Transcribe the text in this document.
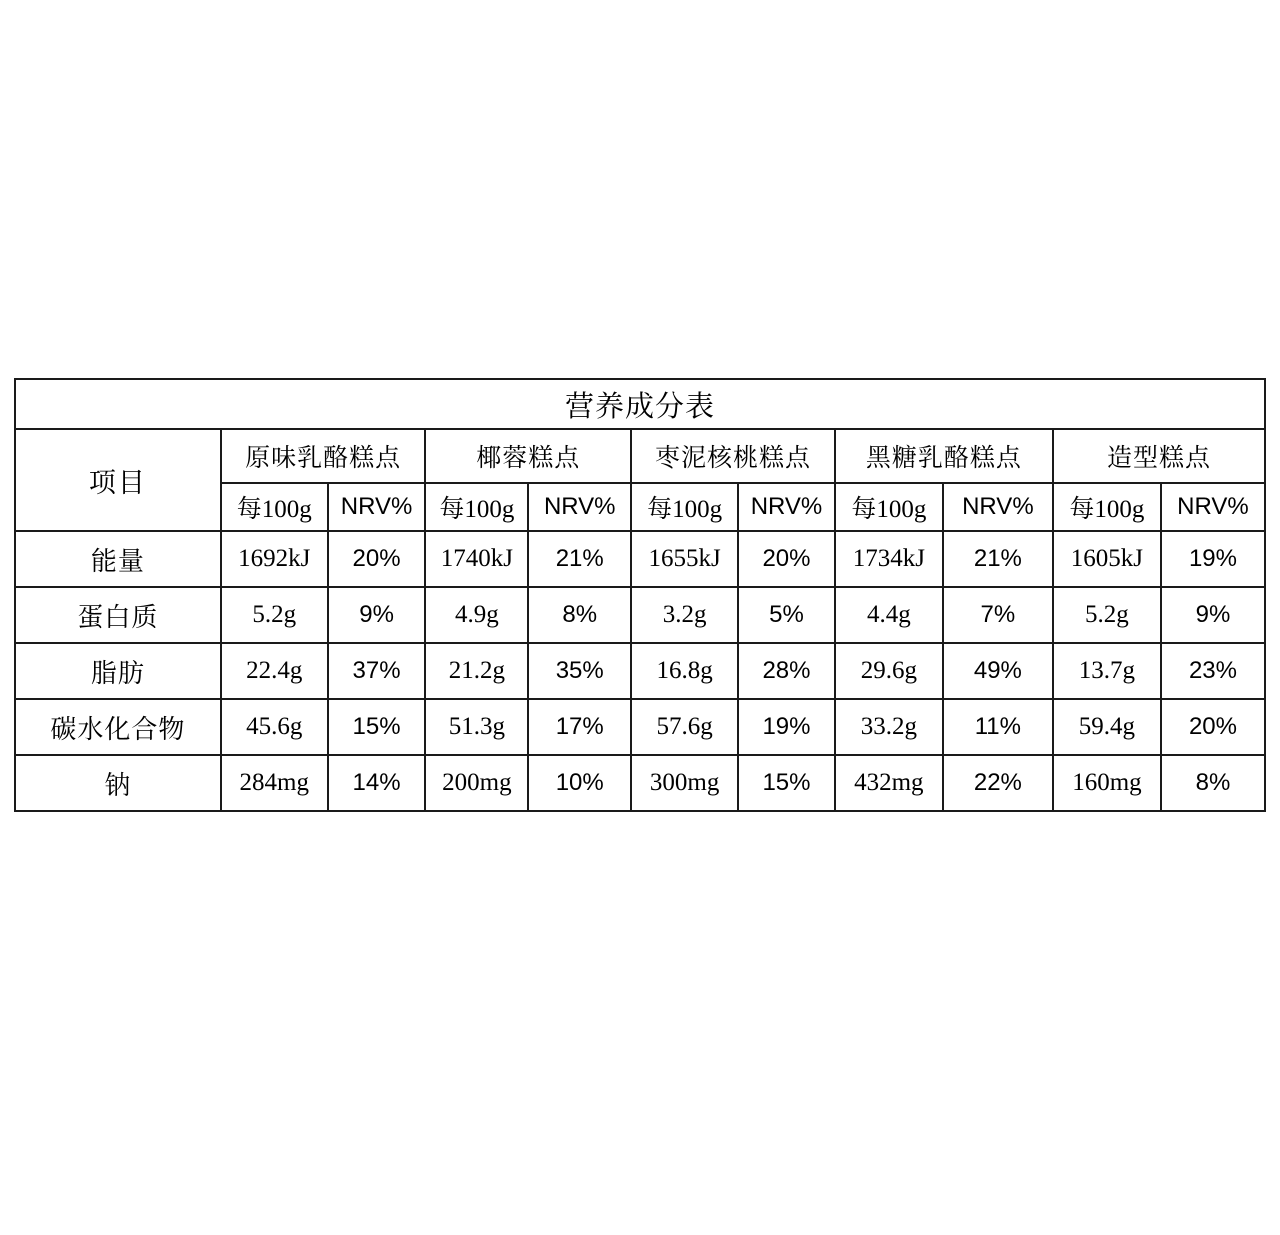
营养成分表										
项目	原味乳酪糕点		椰蓉糕点		枣泥核桃糕点		黑糖乳酪糕点		造型糕点	
	每100g	NRV%	每100g	NRV%	每100g	NRV%	每100g	NRV%	每100g	NRV%
能量	1692kJ	20%	1740kJ	21%	1655kJ	20%	1734kJ	21%	1605kJ	19%
蛋白质	5.2g	9%	4.9g	8%	3.2g	5%	4.4g	7%	5.2g	9%
脂肪	22.4g	37%	21.2g	35%	16.8g	28%	29.6g	49%	13.7g	23%
碳水化合物	45.6g	15%	51.3g	17%	57.6g	19%	33.2g	11%	59.4g	20%
钠	284mg	14%	200mg	10%	300mg	15%	432mg	22%	160mg	8%
